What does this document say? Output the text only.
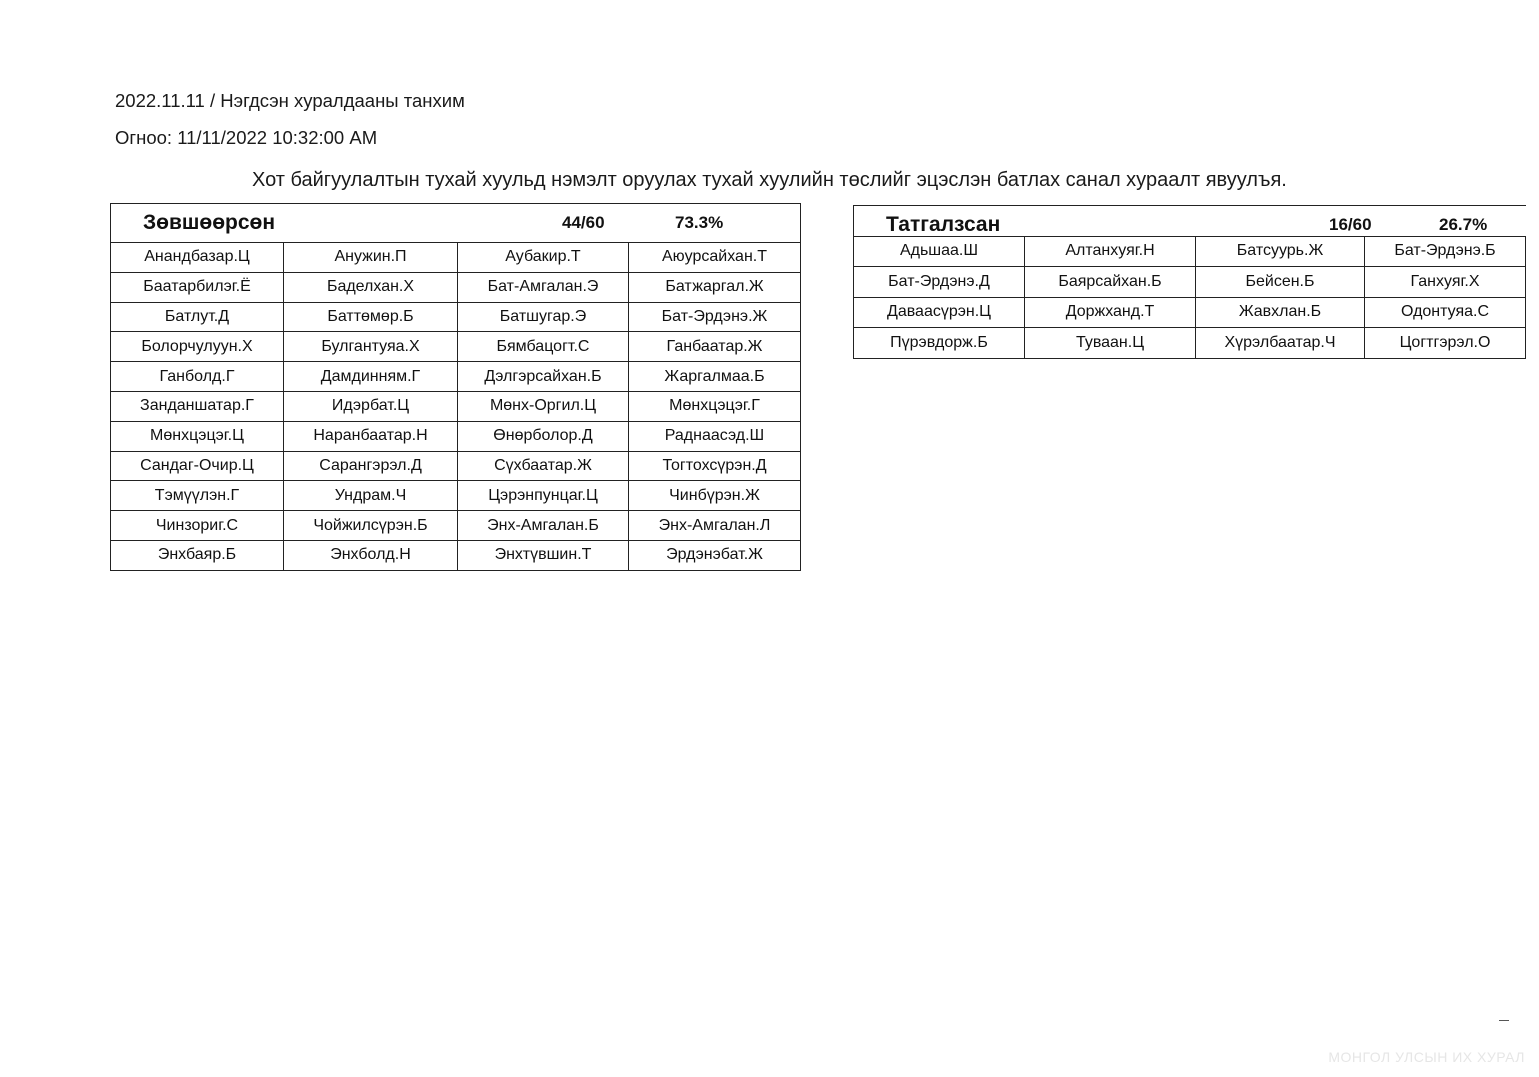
2022.11.11 / Нэгдсэн хуралдааны танхим
Огноо: 11/11/2022 10:32:00 AM
Хот байгуулалтын тухай хуульд нэмэлт оруулах тухай хуулийн төслийг эцэслэн батлах санал хураалт явуулъя.
Зөвшөөрсөн 44/60 73.3%			

Анандбазар.Ц	Анужин.П	Аубакир.Т	Аюурсайхан.Т
Баатарбилэг.Ё	Баделхан.Х	Бат-Амгалан.Э	Батжаргал.Ж
Батлут.Д	Баттөмөр.Б	Батшугар.Э	Бат-Эрдэнэ.Ж
Болорчулуун.Х	Булгантуяа.Х	Бямбацогт.С	Ганбаатар.Ж
Ганболд.Г	Дамдинням.Г	Дэлгэрсайхан.Б	Жаргалмаа.Б
Занданшатар.Г	Идэрбат.Ц	Мөнх-Оргил.Ц	Мөнхцэцэг.Г
Мөнхцэцэг.Ц	Наранбаатар.Н	Өнөрболор.Д	Раднаасэд.Ш
Сандаг-Очир.Ц	Сарангэрэл.Д	Сүхбаатар.Ж	Тогтохсүрэн.Д
Тэмүүлэн.Г	Ундрам.Ч	Цэрэнпунцаг.Ц	Чинбүрэн.Ж
Чинзориг.С	Чойжилсүрэн.Б	Энх-Амгалан.Б	Энх-Амгалан.Л
Энхбаяр.Б	Энхболд.Н	Энхтүвшин.Т	Эрдэнэбат.Ж
Татгалзсан 16/60 26.7%			

Адьшаа.Ш	Алтанхуяг.Н	Батсуурь.Ж	Бат-Эрдэнэ.Б
Бат-Эрдэнэ.Д	Баярсайхан.Б	Бейсен.Б	Ганхуяг.Х
Даваасүрэн.Ц	Доржханд.Т	Жавхлан.Б	Одонтуяа.С
Пүрэвдорж.Б	Туваан.Ц	Хүрэлбаатар.Ч	Цогтгэрэл.О
МОНГОЛ УЛСЫН ИХ ХУРАЛ
